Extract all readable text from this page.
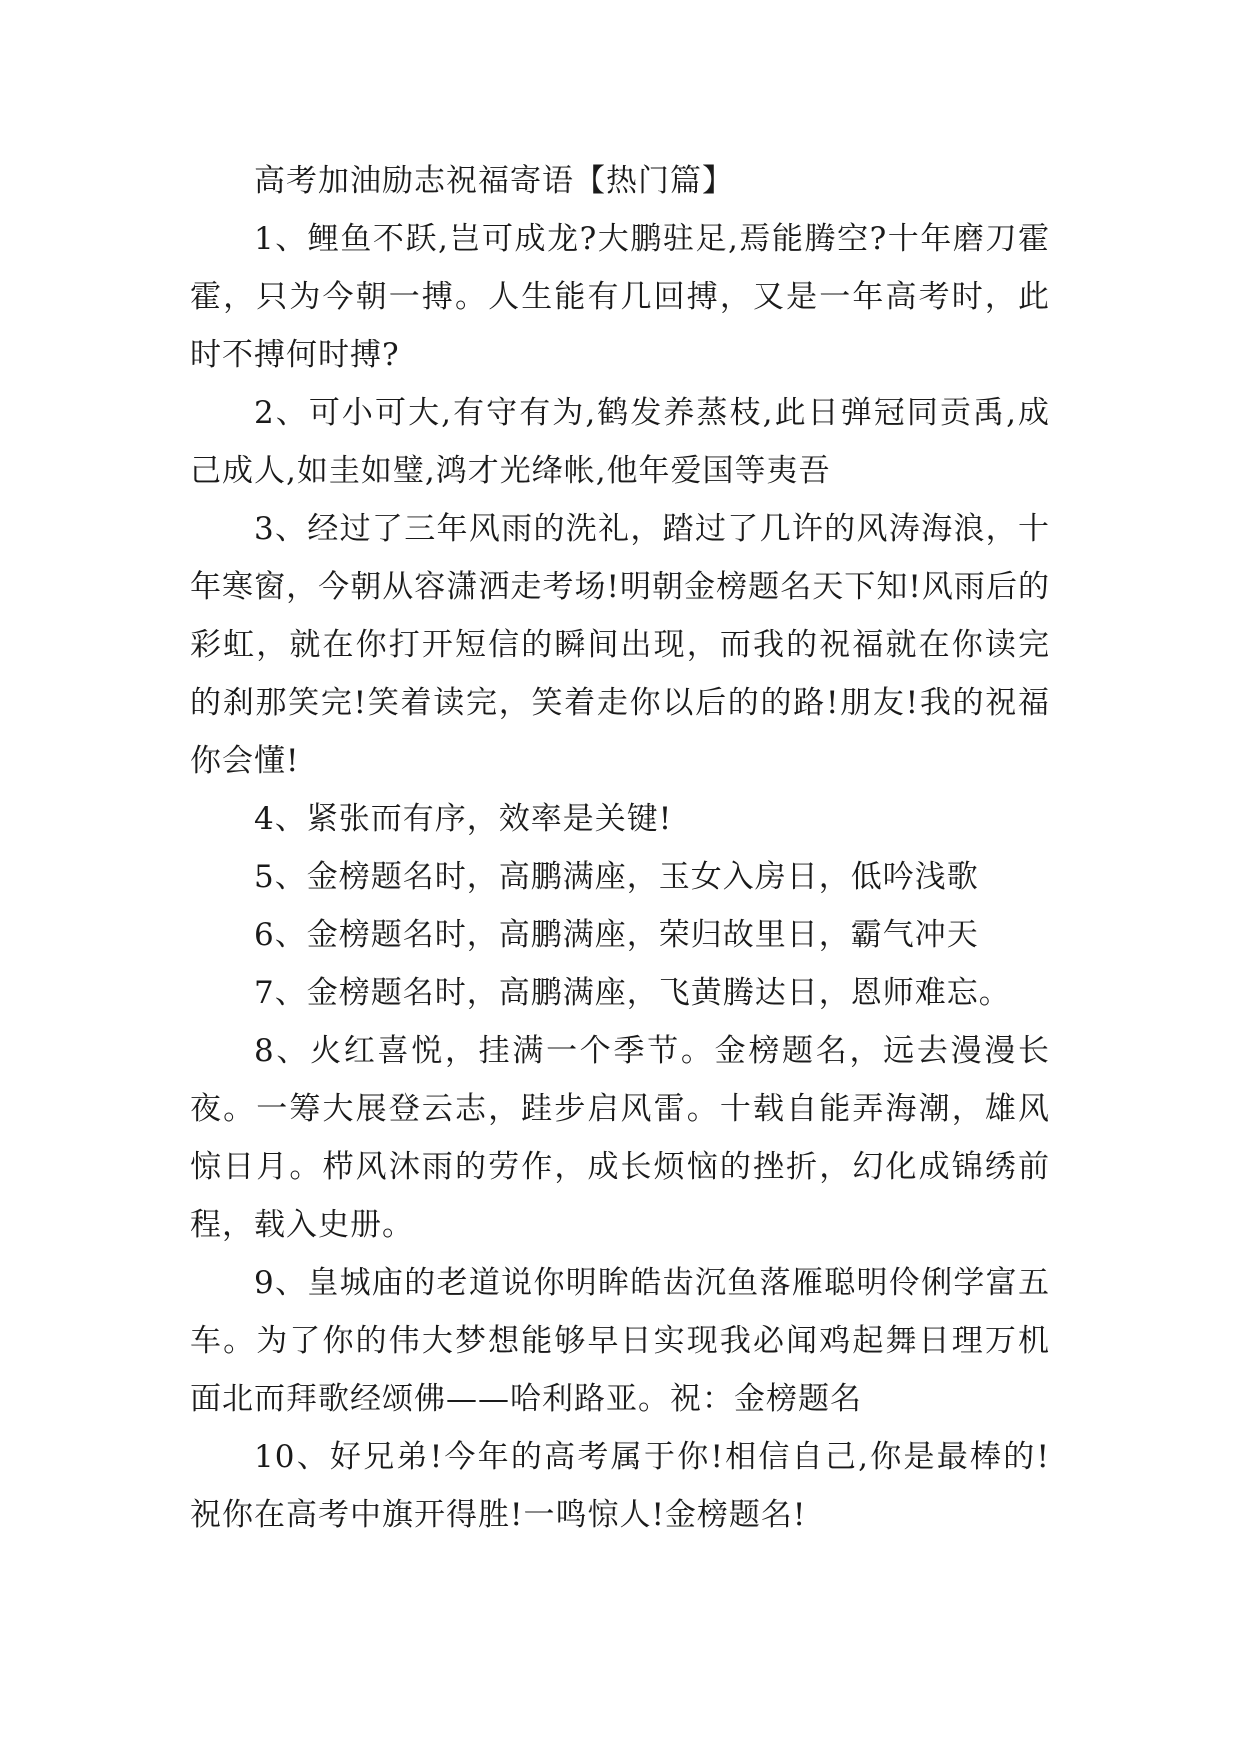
高考加油励志祝福寄语【热门篇】

1、鲤鱼不跃,岂可成龙?大鹏驻足,焉能腾空?十年磨刀霍霍，只为今朝一搏。人生能有几回搏，又是一年高考时，此时不搏何时搏?

2、可小可大,有守有为,鹤发养蒸枝,此日弹冠同贡禹,成己成人,如圭如璧,鸿才光绛帐,他年爱国等夷吾

3、经过了三年风雨的洗礼，踏过了几许的风涛海浪，十年寒窗，今朝从容潇洒走考场!明朝金榜题名天下知!风雨后的彩虹，就在你打开短信的瞬间出现，而我的祝福就在你读完的刹那笑完!笑着读完，笑着走你以后的的路!朋友!我的祝福你会懂!

4、紧张而有序，效率是关键!

5、金榜题名时，高鹏满座，玉女入房日，低吟浅歌

6、金榜题名时，高鹏满座，荣归故里日，霸气冲天

7、金榜题名时，高鹏满座，飞黄腾达日，恩师难忘。

8、火红喜悦，挂满一个季节。金榜题名，远去漫漫长夜。一筹大展登云志，跬步启风雷。十载自能弄海潮，雄风惊日月。栉风沐雨的劳作，成长烦恼的挫折，幻化成锦绣前程，载入史册。

9、皇城庙的老道说你明眸皓齿沉鱼落雁聪明伶俐学富五车。为了你的伟大梦想能够早日实现我必闻鸡起舞日理万机面北而拜歌经颂佛——哈利路亚。祝：金榜题名

10、好兄弟!今年的高考属于你!相信自己,你是最棒的!祝你在高考中旗开得胜!一鸣惊人!金榜题名!
